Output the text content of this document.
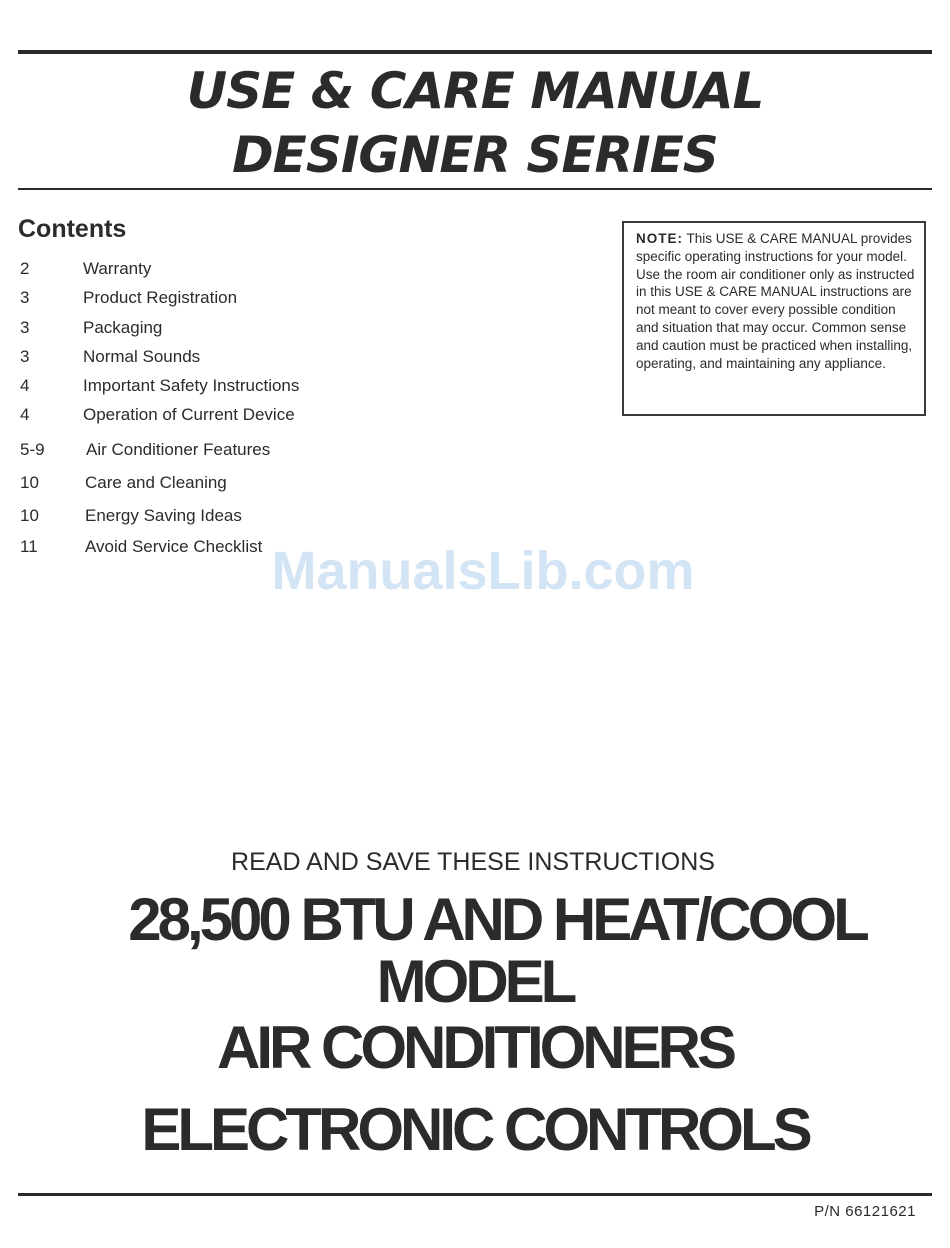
USE & CARE MANUAL
DESIGNER SERIES
Contents
2	Warranty
3	Product Registration
3	Packaging
3	Normal Sounds
4	Important Safety Instructions
4	Operation of Current Device
5-9 Air Conditioner Features
10	Care and Cleaning
10	Energy Saving Ideas
11	Avoid Service Checklist
NOTE: This USE & CARE MANUAL provides specific operating instructions for your model. Use the room air conditioner only as instructed in this USE & CARE MANUAL instructions are not meant to cover every possible condition and situation that may occur. Common sense and caution must be practiced when installing, operating, and maintaining any appliance.
ManualsLib.com
READ AND SAVE THESE INSTRUCTIONS
28,500 BTU AND HEAT/COOL
MODEL
AIR CONDITIONERS
ELECTRONIC CONTROLS
P/N 66121621
